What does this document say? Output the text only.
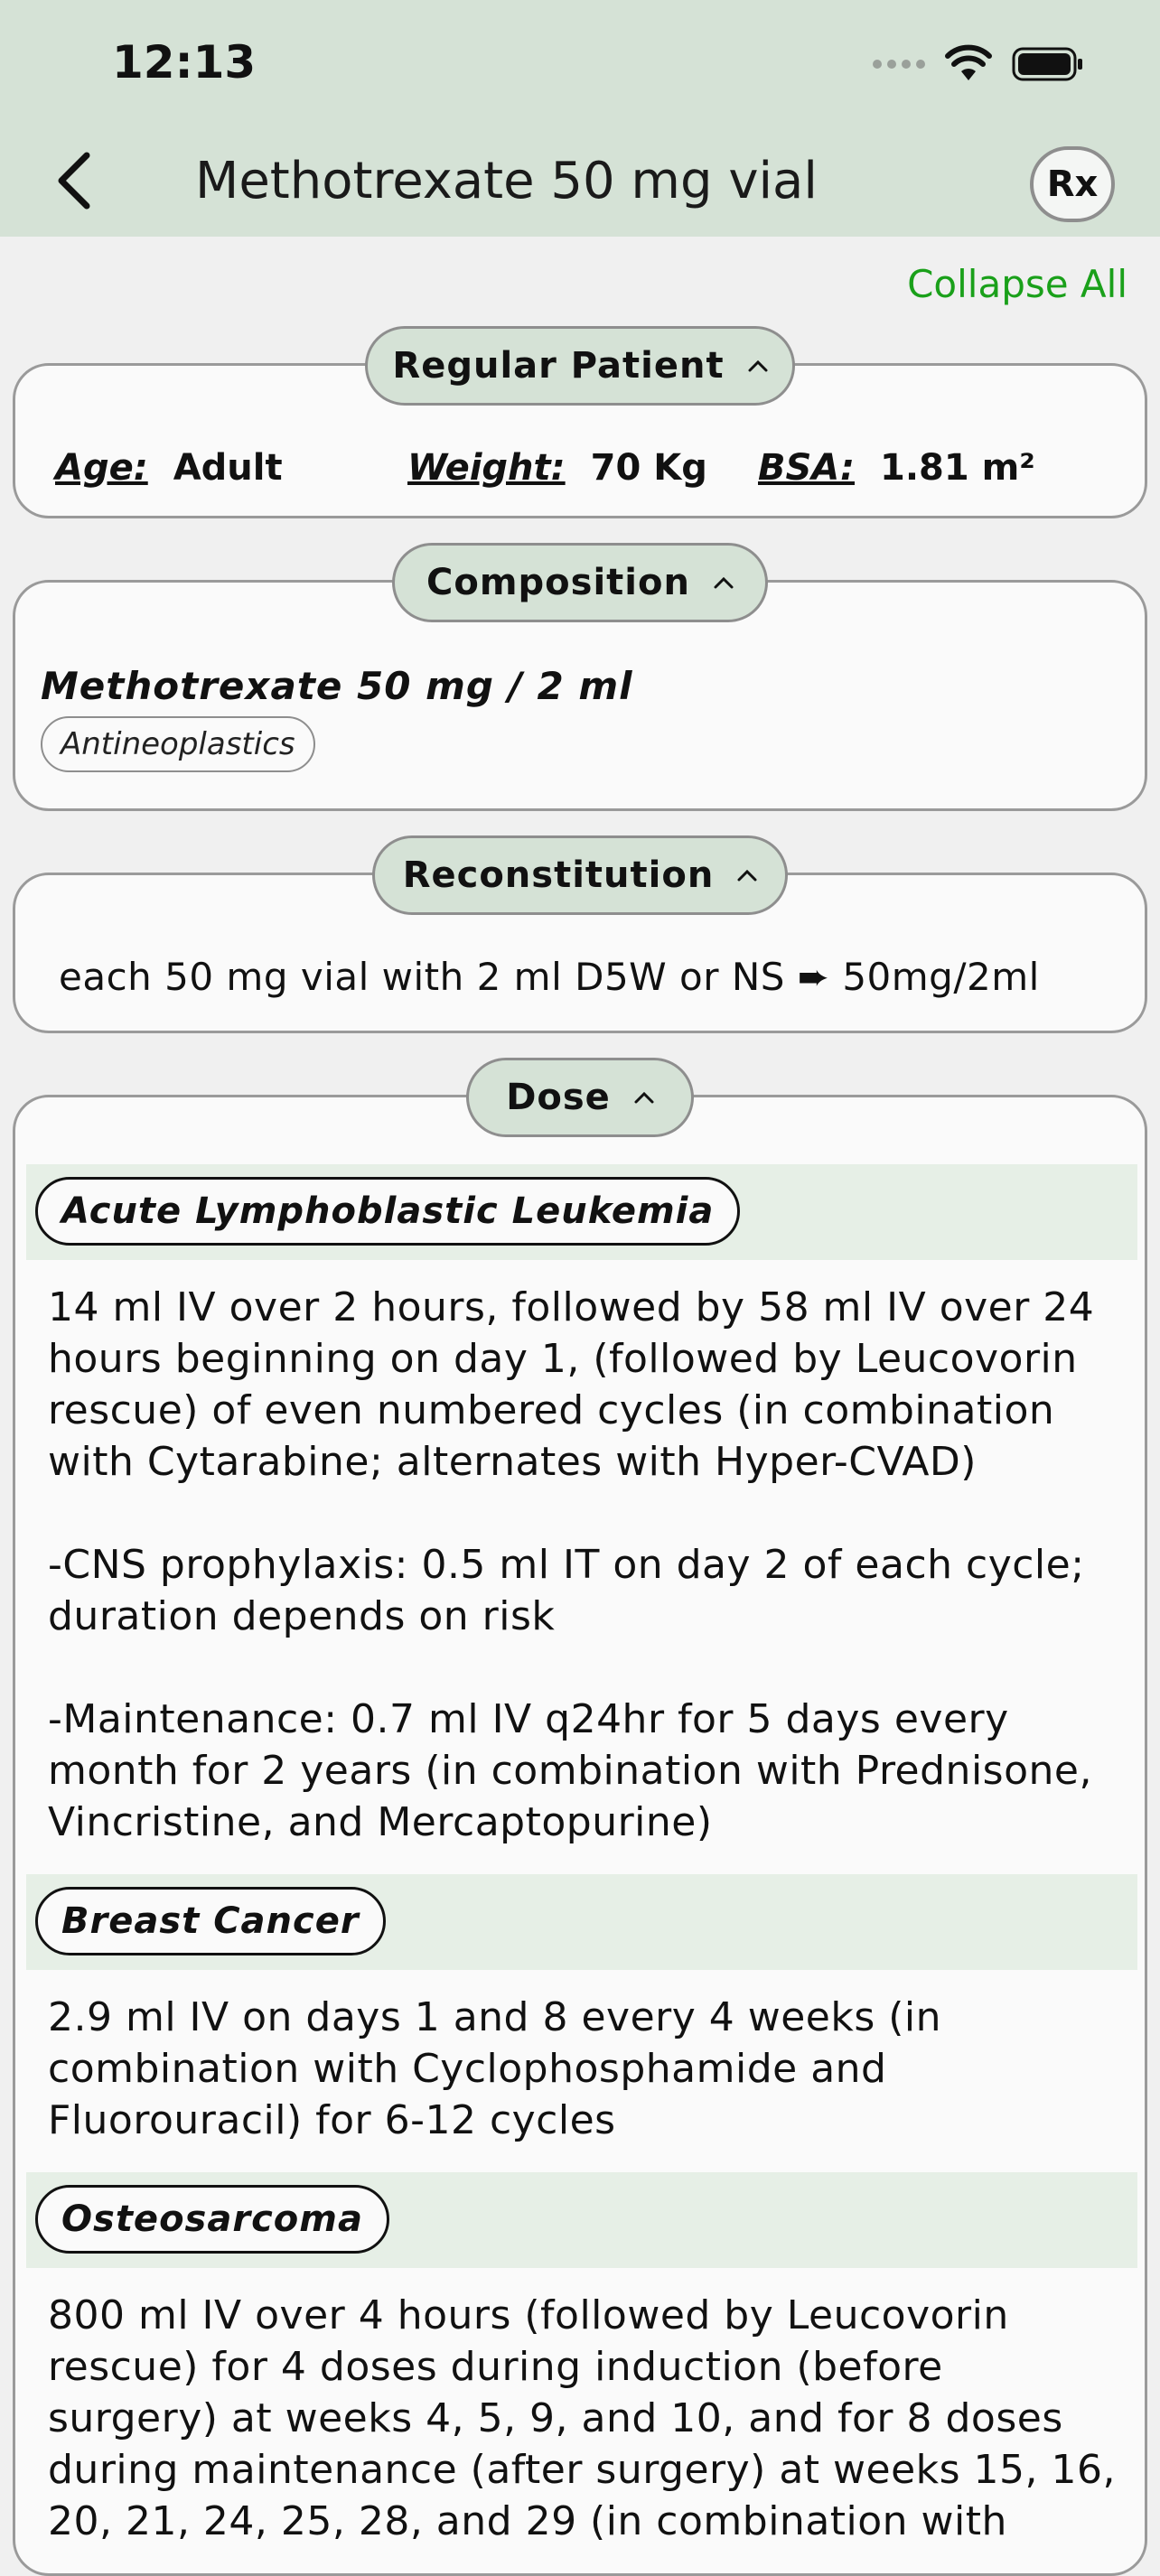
12:13
Methotrexate 50 mg vial	Rx
Collapse All
Age: Adult	Weight: 70 Kg BSA: 1.81 m²
Regular Patient
Methotrexate 50 mg / 2 ml
Antineoplastics
Composition
each 50 mg vial with 2 ml D5W or NS ➨ 50mg/2ml
Reconstitution
Acute Lymphoblastic Leukemia
14 ml IV over 2 hours, followed by 58 ml IV over 24 hours beginning on day 1, (followed by Leucovorin rescue) of even numbered cycles (in combination with Cytarabine; alternates with Hyper-CVAD)

-CNS prophylaxis: 0.5 ml IT on day 2 of each cycle; duration depends on risk

-Maintenance: 0.7 ml IV q24hr for 5 days every month for 2 years (in combination with Prednisone, Vincristine, and Mercaptopurine)
Breast Cancer
2.9 ml IV on days 1 and 8 every 4 weeks (in combination with Cyclophosphamide and Fluorouracil) for 6-12 cycles
Osteosarcoma
800 ml IV over 4 hours (followed by Leucovorin rescue) for 4 doses during induction (before surgery) at weeks 4, 5, 9, and 10, and for 8 doses during maintenance (after surgery) at weeks 15, 16, 20, 21, 24, 25, 28, and 29 (in combination with
Dose
